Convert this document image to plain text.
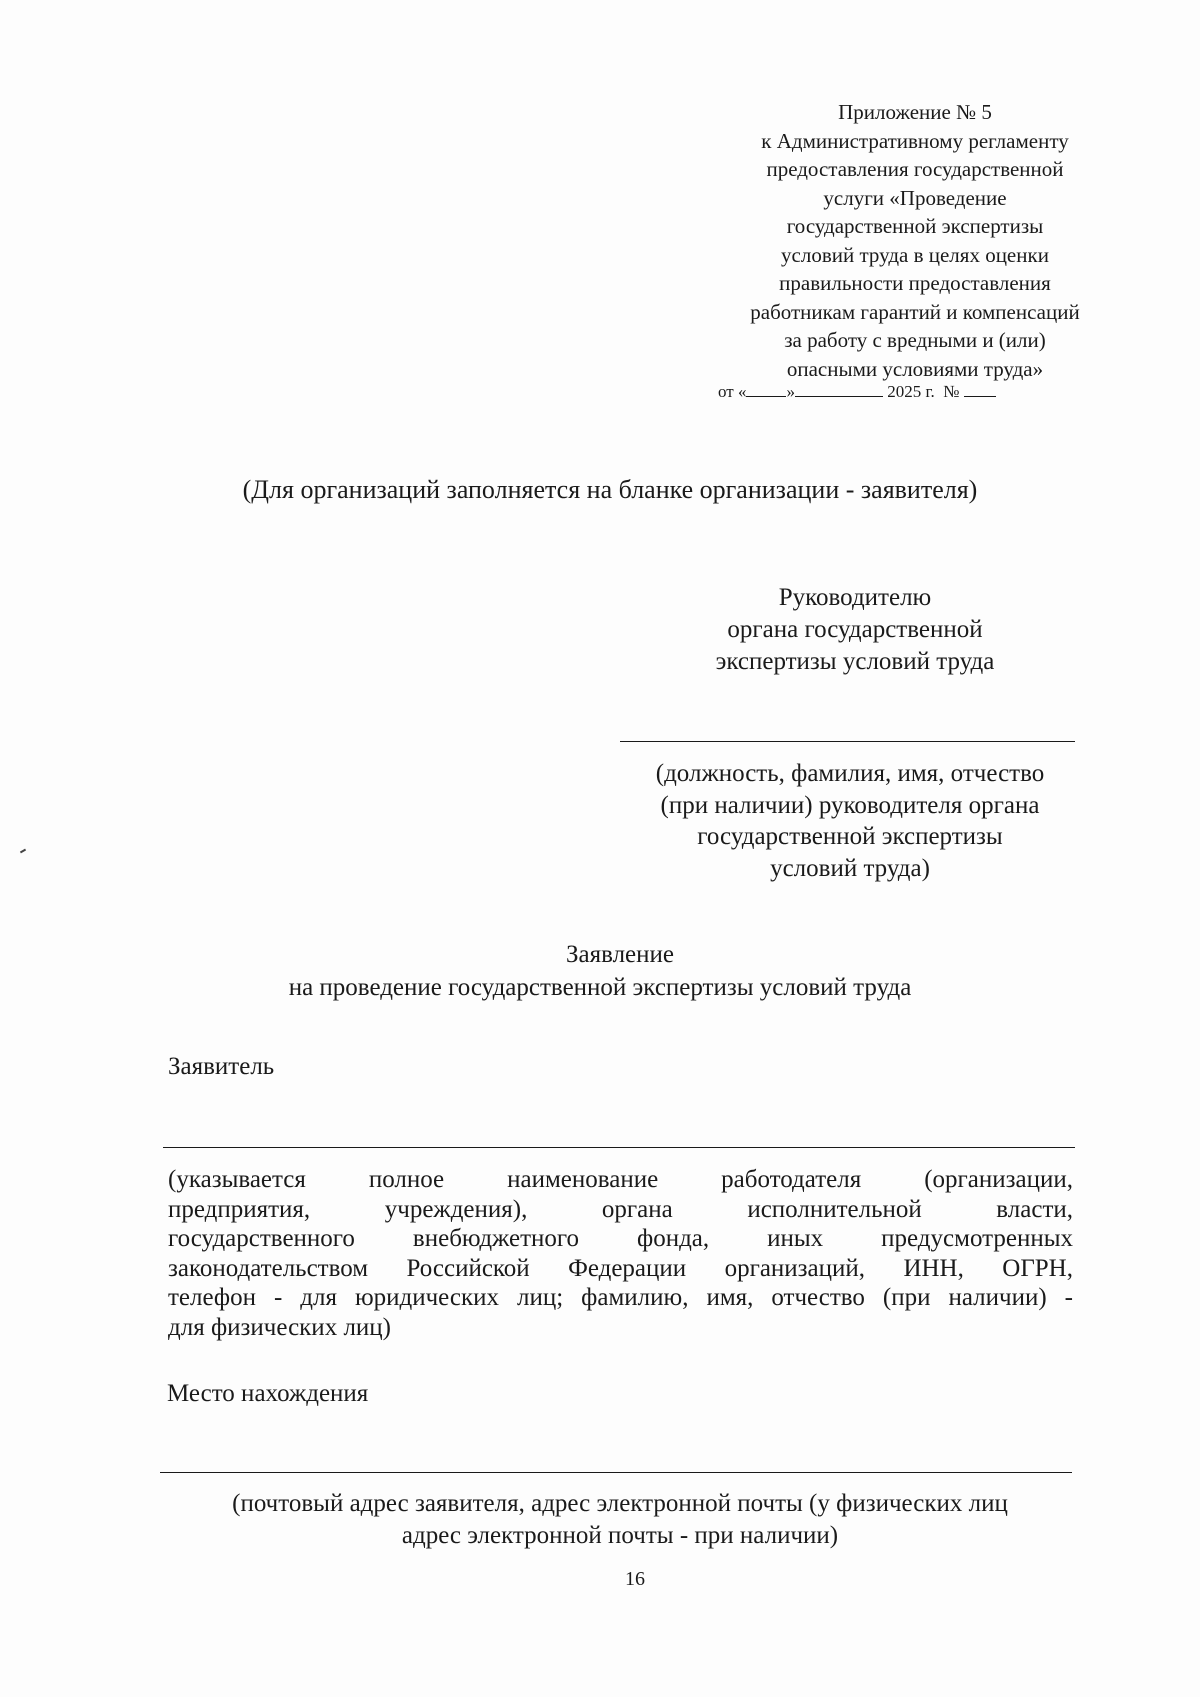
Приложение № 5
к Административному регламенту
предоставления государственной
услуги «Проведение
государственной экспертизы
условий труда в целях оценки
правильности предоставления
работникам гарантий и компенсаций
за работу с вредными и (или)
опасными условиями труда»
от « »	2025 г. №
(Для организаций заполняется на бланке организации - заявителя)
Руководителю
органа государственной
экспертизы условий труда
(должность, фамилия, имя, отчество
(при наличии) руководителя органа
государственной экспертизы
условий труда)
Заявление
на проведение государственной экспертизы условий труда
Заявитель
(указывается полное наименование работодателя (организации,
предприятия, учреждения), органа исполнительной власти,
государственного внебюджетного фонда, иных предусмотренных
законодательством Российской Федерации организаций, ИНН, ОГРН,
телефон - для юридических лиц; фамилию, имя, отчество (при наличии) -
для физических лиц)
Место нахождения
(почтовый адрес заявителя, адрес электронной почты (у физических лиц
адрес электронной почты - при наличии)
16
